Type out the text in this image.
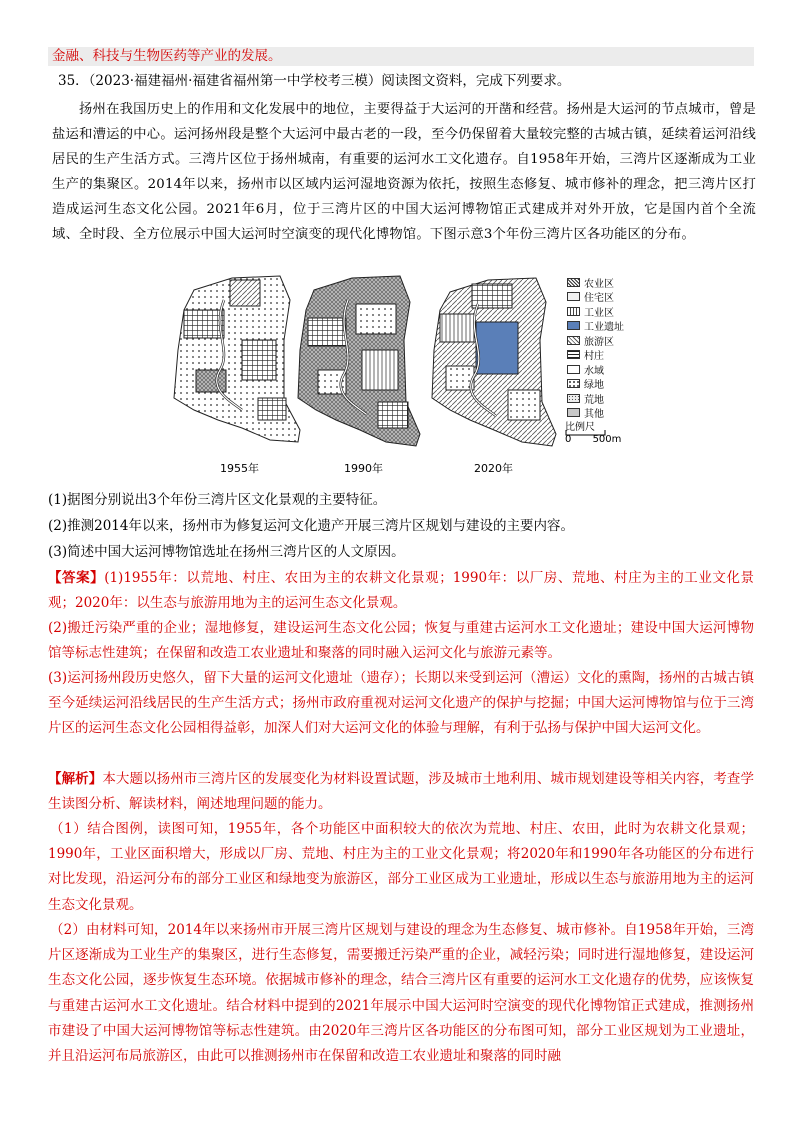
金融、科技与生物医药等产业的发展。
35．（2023·福建福州·福建省福州第一中学校考三模）阅读图文资料，完成下列要求。
扬州在我国历史上的作用和文化发展中的地位，主要得益于大运河的开凿和经营。扬州是大运河的节点城市，曾是盐运和漕运的中心。运河扬州段是整个大运河中最古老的一段，至今仍保留着大量较完整的古城古镇，延续着运河沿线居民的生产生活方式。三湾片区位于扬州城南，有重要的运河水工文化遗存。自1958年开始，三湾片区逐渐成为工业生产的集聚区。2014年以来，扬州市以区域内运河湿地资源为依托，按照生态修复、城市修补的理念，把三湾片区打造成运河生态文化公园。2021年6月，位于三湾片区的中国大运河博物馆正式建成并对外开放，它是国内首个全流域、全时段、全方位展示中国大运河时空演变的现代化博物馆。下图示意3个年份三湾片区各功能区的分布。
1955年	1990年	2020年
农业区
住宅区
工业区
工业遗址
旅游区
村庄
水域
绿地
荒地
其他
比例尺
0 500m
(1)据图分别说出3个年份三湾片区文化景观的主要特征。
(2)推测2014年以来，扬州市为修复运河文化遗产开展三湾片区规划与建设的主要内容。
(3)简述中国大运河博物馆选址在扬州三湾片区的人文原因。
【答案】(1)1955年：以荒地、村庄、农田为主的农耕文化景观；1990年：以厂房、荒地、村庄为主的工业文化景观；2020年：以生态与旅游用地为主的运河生态文化景观。
(2)搬迁污染严重的企业；湿地修复，建设运河生态文化公园；恢复与重建古运河水工文化遗址；建设中国大运河博物馆等标志性建筑；在保留和改造工农业遗址和聚落的同时融入运河文化与旅游元素等。
(3)运河扬州段历史悠久，留下大量的运河文化遗址（遗存）；长期以来受到运河（漕运）文化的熏陶，扬州的古城古镇至今延续运河沿线居民的生产生活方式；扬州市政府重视对运河文化遗产的保护与挖掘；中国大运河博物馆与位于三湾片区的运河生态文化公园相得益彰，加深人们对大运河文化的体验与理解，有利于弘扬与保护中国大运河文化。
【解析】本大题以扬州市三湾片区的发展变化为材料设置试题，涉及城市土地利用、城市规划建设等相关内容，考查学生读图分析、解读材料，阐述地理问题的能力。
（1）结合图例，读图可知，1955年，各个功能区中面积较大的依次为荒地、村庄、农田，此时为农耕文化景观；1990年，工业区面积增大，形成以厂房、荒地、村庄为主的工业文化景观；将2020年和1990年各功能区的分布进行对比发现，沿运河分布的部分工业区和绿地变为旅游区，部分工业区成为工业遗址，形成以生态与旅游用地为主的运河生态文化景观。
（2）由材料可知，2014年以来扬州市开展三湾片区规划与建设的理念为生态修复、城市修补。自1958年开始，三湾片区逐渐成为工业生产的集聚区，进行生态修复，需要搬迁污染严重的企业，减轻污染；同时进行湿地修复，建设运河生态文化公园，逐步恢复生态环境。依据城市修补的理念，结合三湾片区有重要的运河水工文化遗存的优势，应该恢复与重建古运河水工文化遗址。结合材料中提到的2021年展示中国大运河时空演变的现代化博物馆正式建成，推测扬州市建设了中国大运河博物馆等标志性建筑。由2020年三湾片区各功能区的分布图可知，部分工业区规划为工业遗址，并且沿运河布局旅游区，由此可以推测扬州市在保留和改造工农业遗址和聚落的同时融
